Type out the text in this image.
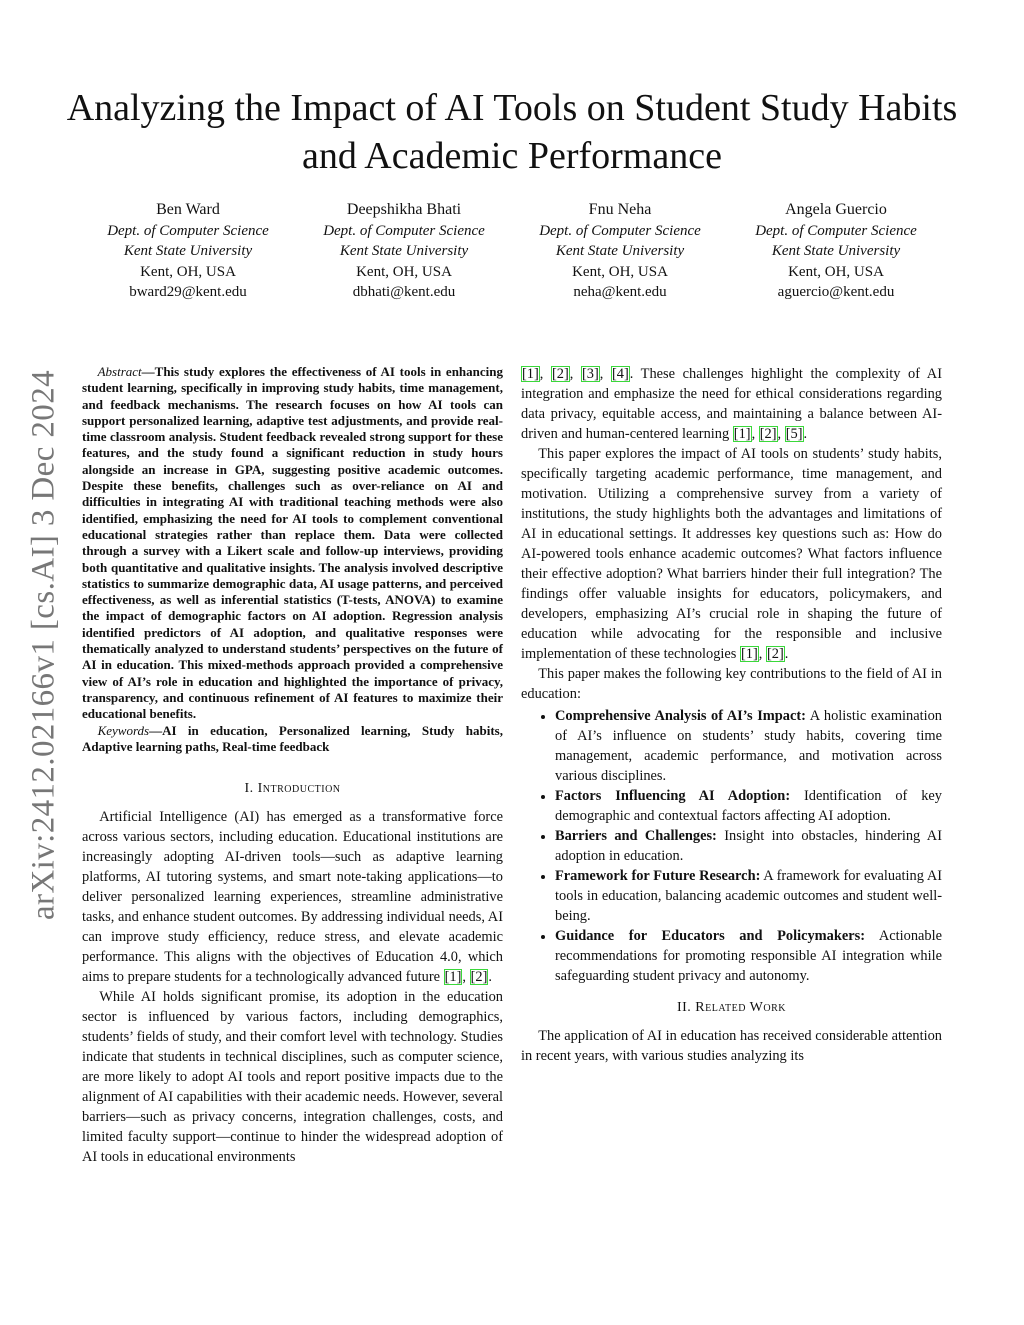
Analyzing the Impact of AI Tools on Student Study Habits and Academic Performance
Ben Ward
Dept. of Computer Science
Kent State University
Kent, OH, USA
bward29@kent.edu
Deepshikha Bhati
Dept. of Computer Science
Kent State University
Kent, OH, USA
dbhati@kent.edu
Fnu Neha
Dept. of Computer Science
Kent State University
Kent, OH, USA
neha@kent.edu
Angela Guercio
Dept. of Computer Science
Kent State University
Kent, OH, USA
aguercio@kent.edu
arXiv:2412.02166v1 [cs.AI] 3 Dec 2024	Abstract—This study explores the effectiveness of AI tools in enhancing student learning, specifically in improving study habits, time management, and feedback mechanisms. The research focuses on how AI tools can support personalized learning, adaptive test adjustments, and provide real-time classroom analysis. Student feedback revealed strong support for these features, and the study found a significant reduction in study hours alongside an increase in GPA, suggesting positive academic outcomes. Despite these benefits, challenges such as over-reliance on AI and difficulties in integrating AI with traditional teaching methods were also identified, emphasizing the need for AI tools to complement conventional educational strategies rather than replace them. Data were collected through a survey with a Likert scale and follow-up interviews, providing both quantitative and qualitative insights. The analysis involved descriptive statistics to summarize demographic data, AI usage patterns, and perceived effectiveness, as well as inferential statistics (T-tests, ANOVA) to examine the impact of demographic factors on AI adoption. Regression analysis identified predictors of AI adoption, and qualitative responses were thematically analyzed to understand students’ perspectives on the future of AI in education. This mixed-methods approach provided a comprehensive view of AI’s role in education and highlighted the importance of privacy, transparency, and continuous refinement of AI features to maximize their educational benefits.

Keywords—AI in education, Personalized learning, Study habits, Adaptive learning paths, Real-time feedback

I. Introduction

Artificial Intelligence (AI) has emerged as a transformative force across various sectors, including education. Educational institutions are increasingly adopting AI-driven tools—such as adaptive learning platforms, AI tutoring systems, and smart note-taking applications—to deliver personalized learning experiences, streamline administrative tasks, and enhance student outcomes. By addressing individual needs, AI can improve study efficiency, reduce stress, and elevate academic performance. This aligns with the objectives of Education 4.0, which aims to prepare students for a technologically advanced future [1], [2].

While AI holds significant promise, its adoption in the education sector is influenced by various factors, including demographics, students’ fields of study, and their comfort level with technology. Studies indicate that students in technical disciplines, such as computer science, are more likely to adopt AI tools and report positive impacts due to the alignment of AI capabilities with their academic needs. However, several barriers—such as privacy concerns, integration challenges, costs, and limited faculty support—continue to hinder the widespread adoption of AI tools in educational environments

[1], [2], [3], [4]. These challenges highlight the complexity of AI integration and emphasize the need for ethical considerations regarding data privacy, equitable access, and maintaining a balance between AI-driven and human-centered learning [1], [2], [5].

This paper explores the impact of AI tools on students’ study habits, specifically targeting academic performance, time management, and motivation. Utilizing a comprehensive survey from a variety of institutions, the study highlights both the advantages and limitations of AI in educational settings. It addresses key questions such as: How do AI-powered tools enhance academic outcomes? What factors influence their effective adoption? What barriers hinder their full integration? The findings offer valuable insights for educators, policymakers, and developers, emphasizing AI’s crucial role in shaping the future of education while advocating for the responsible and inclusive implementation of these technologies [1], [2].

This paper makes the following key contributions to the field of AI in education:

• Comprehensive Analysis of AI’s Impact: A holistic examination of AI’s influence on students’ study habits, covering time management, academic performance, and motivation across various disciplines.
• Factors Influencing AI Adoption: Identification of key demographic and contextual factors affecting AI adoption.
• Barriers and Challenges: Insight into obstacles, hindering AI adoption in education.
• Framework for Future Research: A framework for evaluating AI tools in education, balancing academic outcomes and student well-being.
• Guidance for Educators and Policymakers: Actionable recommendations for promoting responsible AI integration while safeguarding student privacy and autonomy.
II. Related Work

The application of AI in education has received considerable attention in recent years, with various studies analyzing its
